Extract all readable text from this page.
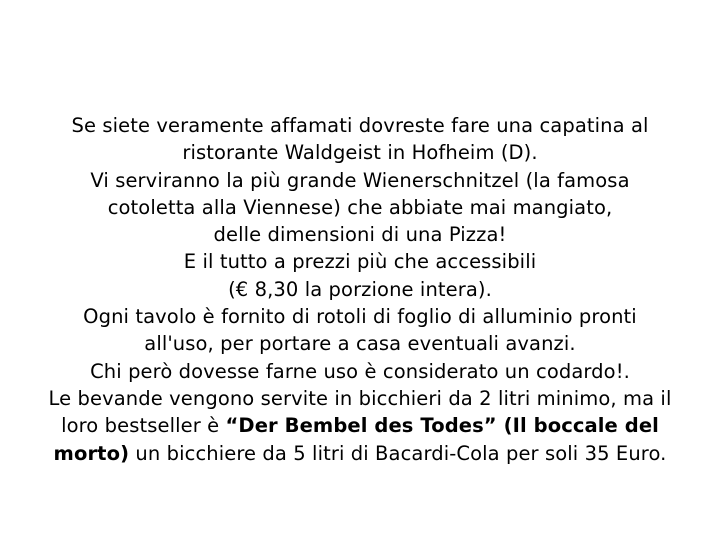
Se siete veramente affamati dovreste fare una capatina al
ristorante Waldgeist in Hofheim (D).
Vi serviranno la più grande Wienerschnitzel (la famosa
cotoletta alla Viennese) che abbiate mai mangiato,
delle dimensioni di una Pizza!
E il tutto a prezzi più che accessibili
(€ 8,30 la porzione intera).
Ogni tavolo è fornito di rotoli di foglio di alluminio pronti
all'uso, per portare a casa eventuali avanzi.
Chi però dovesse farne uso è considerato un codardo!.
Le bevande vengono servite in bicchieri da 2 litri minimo, ma il
loro bestseller è “Der Bembel des Todes” (Il boccale del
morto) un bicchiere da 5 litri di Bacardi-Cola per soli 35 Euro.
